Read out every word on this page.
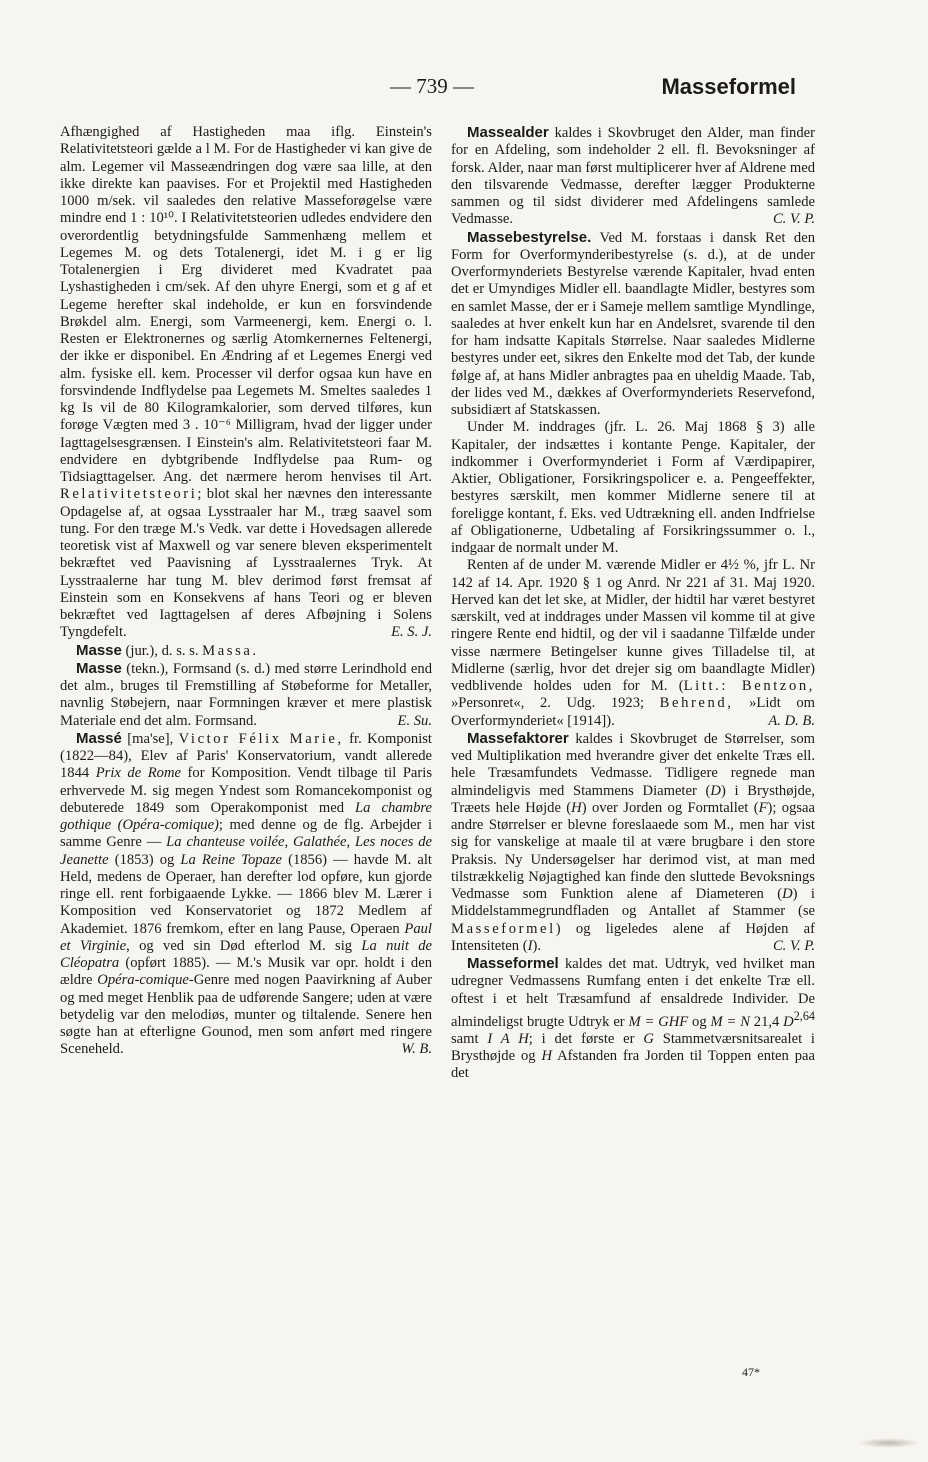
— 739 —	Masseformel

Afhængighed af Hastigheden maa iflg. Einstein's Relativitetsteori gælde a l M. For de Hastigheder vi kan give de alm. Legemer vil Masseændringen dog være saa lille, at den ikke direkte kan paavises. For et Projektil med Hastigheden 1000 m/sek. vil saaledes den relative Masseforøgelse være mindre end 1 : 10¹⁰. I Relativitetsteorien udledes endvidere den overordentlig betydningsfulde Sammenhæng mellem et Legemes M. og dets Totalenergi, idet M. i g er lig Totalenergien i Erg divideret med Kvadratet paa Lyshastigheden i cm/sek. Af den uhyre Energi, som et g af et Legeme herefter skal indeholde, er kun en forsvindende Brøkdel alm. Energi, som Varmeenergi, kem. Energi o. l. Resten er Elektronernes og særlig Atomkernernes Feltenergi, der ikke er disponibel. En Ændring af et Legemes Energi ved alm. fysiske ell. kem. Processer vil derfor ogsaa kun have en forsvindende Indflydelse paa Legemets M. Smeltes saaledes 1 kg Is vil de 80 Kilogramkalorier, som derved tilføres, kun forøge Vægten med 3 . 10⁻⁶ Milligram, hvad der ligger under Iagttagelsesgrænsen. I Einstein's alm. Relativitetsteori faar M. endvidere en dybtgribende Indflydelse paa Rum- og Tidsiagttagelser. Ang. det nærmere herom henvises til Art. Relativitetsteori; blot skal her nævnes den interessante Opdagelse af, at ogsaa Lysstraaler har M., træg saavel som tung. For den træge M.'s Vedk. var dette i Hovedsagen allerede teoretisk vist af Maxwell og var senere bleven eksperimentelt bekræftet ved Paavisning af Lysstraalernes Tryk. At Lysstraalerne har tung M. blev derimod først fremsat af Einstein som en Konsekvens af hans Teori og er bleven bekræftet ved Iagttagelsen af deres Afbøjning i Solens Tyngdefelt.	E. S. J.

Masse (jur.), d. s. s. Massa.

Masse (tekn.), Formsand (s. d.) med større Lerindhold end det alm., bruges til Fremstilling af Støbeforme for Metaller, navnlig Støbejern, naar Formningen kræver et mere plastisk Materiale end det alm. Formsand.	E. Su.

Massé [ma'se], Victor Félix Marie, fr. Komponist (1822—84), Elev af Paris' Konservatorium, vandt allerede 1844 Prix de Rome for Komposition. Vendt tilbage til Paris erhvervede M. sig megen Yndest som Romancekomponist og debuterede 1849 som Operakomponist med La chambre gothique (Opéra-comique); med denne og de flg. Arbejder i samme Genre — La chanteuse voilée, Galathée, Les noces de Jeanette (1853) og La Reine Topaze (1856) — havde M. alt Held, medens de Operaer, han derefter lod opføre, kun gjorde ringe ell. rent forbigaaende Lykke. — 1866 blev M. Lærer i Komposition ved Konservatoriet og 1872 Medlem af Akademiet. 1876 fremkom, efter en lang Pause, Operaen Paul et Virginie, og ved sin Død efterlod M. sig La nuit de Cléopatra (opført 1885). — M.'s Musik var opr. holdt i den ældre Opéra-comique-Genre med nogen Paavirkning af Auber og med meget Henblik paa de udførende Sangere; uden at være betydelig var den melodiøs, munter og tiltalende. Senere hen søgte han at efterligne Gounod, men som anført med ringere Sceneheld.	W. B.

Massealder kaldes i Skovbruget den Alder, man finder for en Afdeling, som indeholder 2 ell. fl. Bevoksninger af forsk. Alder, naar man først multiplicerer hver af Aldrene med den tilsvarende Vedmasse, derefter lægger Produkterne sammen og til sidst dividerer med Afdelingens samlede Vedmasse.	C. V. P.

Massebestyrelse. Ved M. forstaas i dansk Ret den Form for Overformynderibestyrelse (s. d.), at de under Overformynderiets Bestyrelse værende Kapitaler, hvad enten det er Umyndiges Midler ell. baandlagte Midler, bestyres som en samlet Masse, der er i Sameje mellem samtlige Myndlinge, saaledes at hver enkelt kun har en Andelsret, svarende til den for ham indsatte Kapitals Størrelse. Naar saaledes Midlerne bestyres under eet, sikres den Enkelte mod det Tab, der kunde følge af, at hans Midler anbragtes paa en uheldig Maade. Tab, der lides ved M., dækkes af Overformynderiets Reservefond, subsidiært af Statskassen.

Under M. inddrages (jfr. L. 26. Maj 1868 § 3) alle Kapitaler, der indsættes i kontante Penge. Kapitaler, der indkommer i Overformynderiet i Form af Værdipapirer, Aktier, Obligationer, Forsikringspolicer e. a. Pengeeffekter, bestyres særskilt, men kommer Midlerne senere til at foreligge kontant, f. Eks. ved Udtrækning ell. anden Indfrielse af Obligationerne, Udbetaling af Forsikringssummer o. l., indgaar de normalt under M.

Renten af de under M. værende Midler er 4½ %, jfr L. Nr 142 af 14. Apr. 1920 § 1 og Anrd. Nr 221 af 31. Maj 1920. Herved kan det let ske, at Midler, der hidtil har været bestyret særskilt, ved at inddrages under Massen vil komme til at give ringere Rente end hidtil, og der vil i saadanne Tilfælde under visse nærmere Betingelser kunne gives Tilladelse til, at Midlerne (særlig, hvor det drejer sig om baandlagte Midler) vedblivende holdes uden for M. (Litt.: Bentzon, »Personret«, 2. Udg. 1923; Behrend, »Lidt om Overformynderiet« [1914]).	A. D. B.

Massefaktorer kaldes i Skovbruget de Størrelser, som ved Multiplikation med hverandre giver det enkelte Træs ell. hele Træsamfundets Vedmasse. Tidligere regnede man almindeligvis med Stammens Diameter (D) i Brysthøjde, Træets hele Højde (H) over Jorden og Formtallet (F); ogsaa andre Størrelser er blevne foreslaaede som M., men har vist sig for vanskelige at maale til at være brugbare i den store Praksis. Ny Undersøgelser har derimod vist, at man med tilstrækkelig Nøjagtighed kan finde den sluttede Bevoksnings Vedmasse som Funktion alene af Diameteren (D) i Middelstammegrundfladen og Antallet af Stammer (se Masseformel) og ligeledes alene af Højden af Intensiteten (I).	C. V. P.

Masseformel kaldes det mat. Udtryk, ved hvilket man udregner Vedmassens Rumfang enten i det enkelte Træ ell. oftest i et helt Træsamfund af ensaldrede Individer. De almindeligst brugte Udtryk er M = GHF og M = N 21,4 D$^{2,64}$ samt I A H; i det første er G Stammetværsnitsarealet i Brysthøjde og H Afstanden fra Jorden til Toppen enten paa det

47*
